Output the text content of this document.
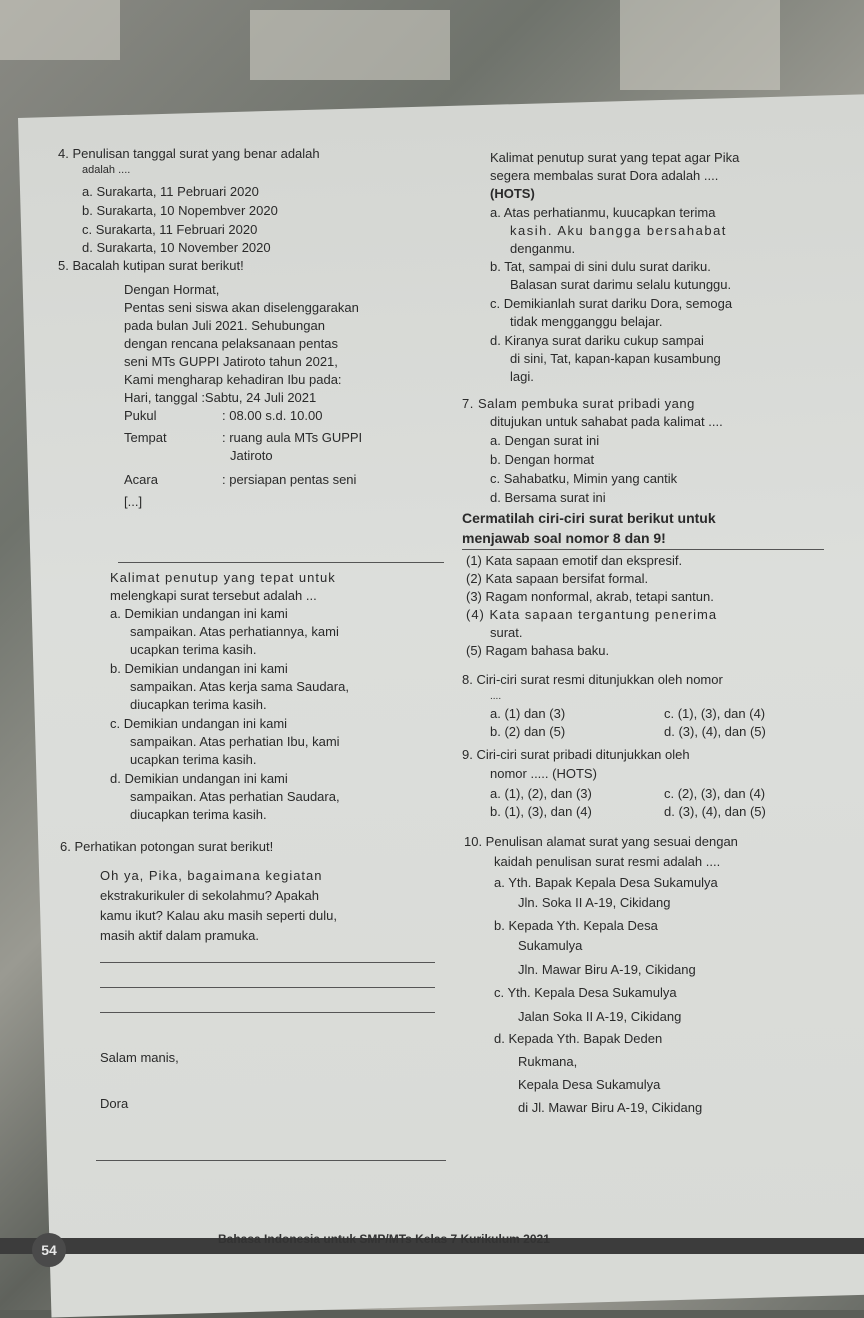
4. Penulisan tanggal surat yang benar adalah
adalah ....
a. Surakarta, 11 Pebruari 2020
b. Surakarta, 10 Nopembver 2020
c. Surakarta, 11 Februari 2020
d. Surakarta, 10 November 2020
5. Bacalah kutipan surat berikut!
Dengan Hormat,
Pentas seni siswa akan diselenggarakan
pada bulan Juli 2021. Sehubungan
dengan rencana pelaksanaan pentas
seni MTs GUPPI Jatiroto tahun 2021,
Kami mengharap kehadiran Ibu pada:
Hari, tanggal :Sabtu, 24 Juli 2021
Pukul	: 08.00 s.d. 10.00
Tempat	: ruang aula MTs GUPPI
Jatiroto
Acara	: persiapan pentas seni
[...]
Kalimat penutup yang tepat untuk
melengkapi surat tersebut adalah ...
a. Demikian undangan ini kami
sampaikan. Atas perhatiannya, kami
ucapkan terima kasih.
b. Demikian undangan ini kami
sampaikan. Atas kerja sama Saudara,
diucapkan terima kasih.
c. Demikian undangan ini kami
sampaikan. Atas perhatian Ibu, kami
ucapkan terima kasih.
d. Demikian undangan ini kami
sampaikan. Atas perhatian Saudara,
diucapkan terima kasih.
6. Perhatikan potongan surat berikut!
Oh ya, Pika, bagaimana kegiatan
ekstrakurikuler di sekolahmu? Apakah
kamu ikut? Kalau aku masih seperti dulu,
masih aktif dalam pramuka.
Salam manis,
Dora
Kalimat penutup surat yang tepat agar Pika
segera membalas surat Dora adalah ....
(HOTS)
a. Atas perhatianmu, kuucapkan terima
kasih. Aku bangga bersahabat
denganmu.
b. Tat, sampai di sini dulu surat dariku.
Balasan surat darimu selalu kutunggu.
c. Demikianlah surat dariku Dora, semoga
tidak mengganggu belajar.
d. Kiranya surat dariku cukup sampai
di sini, Tat, kapan-kapan kusambung
lagi.
7. Salam pembuka surat pribadi yang
ditujukan untuk sahabat pada kalimat ....
a. Dengan surat ini
b. Dengan hormat
c. Sahabatku, Mimin yang cantik
d. Bersama surat ini
Cermatilah ciri-ciri surat berikut untuk
menjawab soal nomor 8 dan 9!
(1) Kata sapaan emotif dan ekspresif.
(2) Kata sapaan bersifat formal.
(3) Ragam nonformal, akrab, tetapi santun.
(4) Kata sapaan tergantung penerima
surat.
(5) Ragam bahasa baku.
8. Ciri-ciri surat resmi ditunjukkan oleh nomor
....
a. (1) dan (3)	c. (1), (3), dan (4)
b. (2) dan (5)	d. (3), (4), dan (5)
9. Ciri-ciri surat pribadi ditunjukkan oleh
nomor ..... (HOTS)
a. (1), (2), dan (3)	c. (2), (3), dan (4)
b. (1), (3), dan (4)	d. (3), (4), dan (5)
10. Penulisan alamat surat yang sesuai dengan
kaidah penulisan surat resmi adalah ....
a. Yth. Bapak Kepala Desa Sukamulya
Jln. Soka II A-19, Cikidang
b. Kepada Yth. Kepala Desa
Sukamulya
Jln. Mawar Biru A-19, Cikidang
c. Yth. Kepala Desa Sukamulya
Jalan Soka II A-19, Cikidang
d. Kepada Yth. Bapak Deden
Rukmana,
Kepala Desa Sukamulya
di Jl. Mawar Biru A-19, Cikidang
54
Bahasa Indonesia untuk SMP/MTs Kelas 7 Kurikulum 2021
